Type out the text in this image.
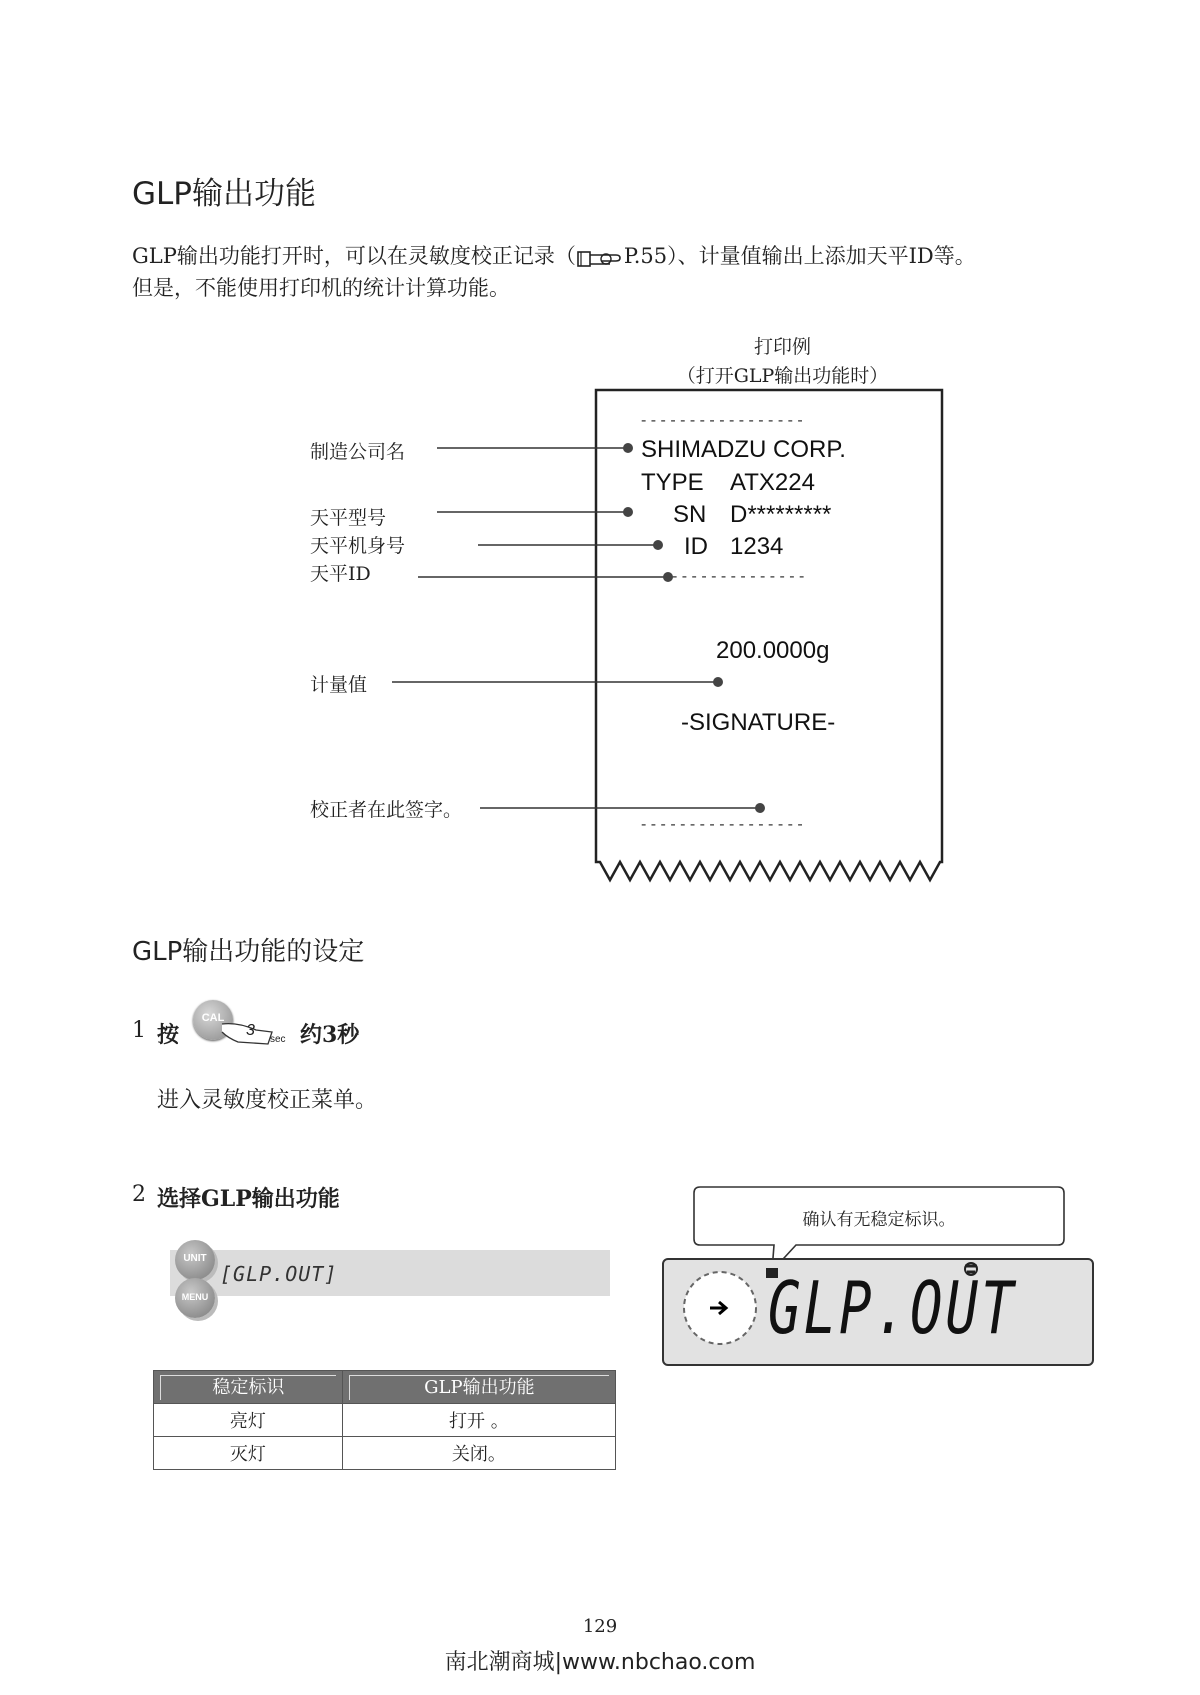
GLP输出功能
GLP输出功能打开时，可以在灵敏度校正记录（ P.55）、计量值输出上添加天平ID等。
但是，不能使用打印机的统计计算功能。
打印例
（打开GLP输出功能时）
- - - - - - - - - - - - - - - - -
SHIMADZU CORP.
TYPE ATX224
SN D*********
ID 1234
- - - - - - - - - - - - - -
200.0000g
-SIGNATURE-
- - - - - - - - - - - - - - - - -
制造公司名
天平型号
天平机身号
天平ID
计量值
校正者在此签字。
GLP输出功能的设定
1 按
CAL
3
sec 约3秒
进入灵敏度校正菜单。
2 选择GLP输出功能
UNIT
MENU
[GLP.OUT]
确认有无稳定标识。
GLP.OUT
稳定标识	GLP输出功能

亮灯	打开 。
灭灯	关闭。
129
南北潮商城|www.nbchao.com
